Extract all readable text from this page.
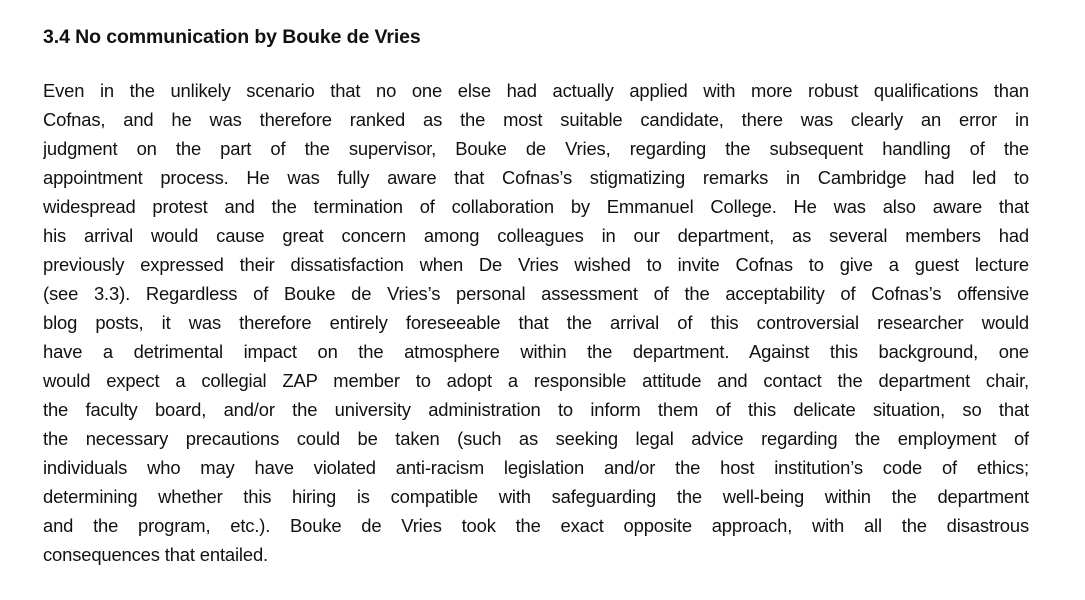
3.4 No communication by Bouke de Vries

Even in the unlikely scenario that no one else had actually applied with more robust qualifications than
Cofnas, and he was therefore ranked as the most suitable candidate, there was clearly an error in
judgment on the part of the supervisor, Bouke de Vries, regarding the subsequent handling of the
appointment process. He was fully aware that Cofnas’s stigmatizing remarks in Cambridge had led to
widespread protest and the termination of collaboration by Emmanuel College. He was also aware that
his arrival would cause great concern among colleagues in our department, as several members had
previously expressed their dissatisfaction when De Vries wished to invite Cofnas to give a guest lecture
(see 3.3). Regardless of Bouke de Vries’s personal assessment of the acceptability of Cofnas’s offensive
blog posts, it was therefore entirely foreseeable that the arrival of this controversial researcher would
have a detrimental impact on the atmosphere within the department. Against this background, one
would expect a collegial ZAP member to adopt a responsible attitude and contact the department chair,
the faculty board, and/or the university administration to inform them of this delicate situation, so that
the necessary precautions could be taken (such as seeking legal advice regarding the employment of
individuals who may have violated anti-racism legislation and/or the host institution’s code of ethics;
determining whether this hiring is compatible with safeguarding the well-being within the department
and the program, etc.). Bouke de Vries took the exact opposite approach, with all the disastrous
consequences that entailed.
